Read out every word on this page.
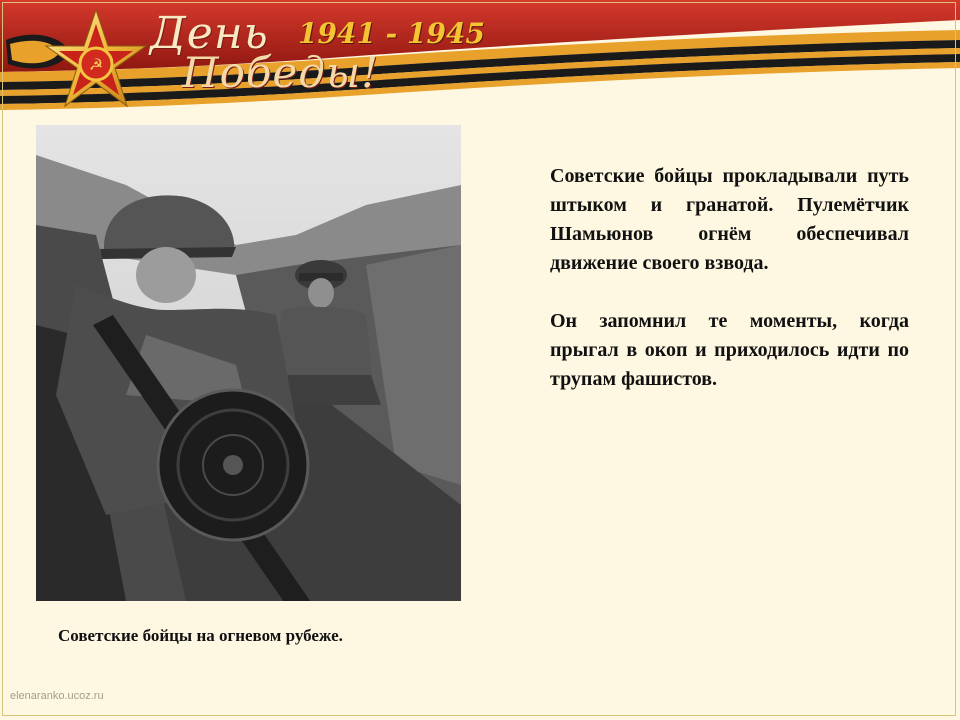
☭
День 1941 - 1945
Победы!
Советские бойцы на огневом рубеже.

Советские бойцы прокладывали путь штыком и гранатой. Пулемётчик Шамьюнов огнём обеспечивал движение своего взвода.

Он запомнил те моменты, когда прыгал в окоп и приходилось идти по трупам фашистов.

elenaranko.ucoz.ru
